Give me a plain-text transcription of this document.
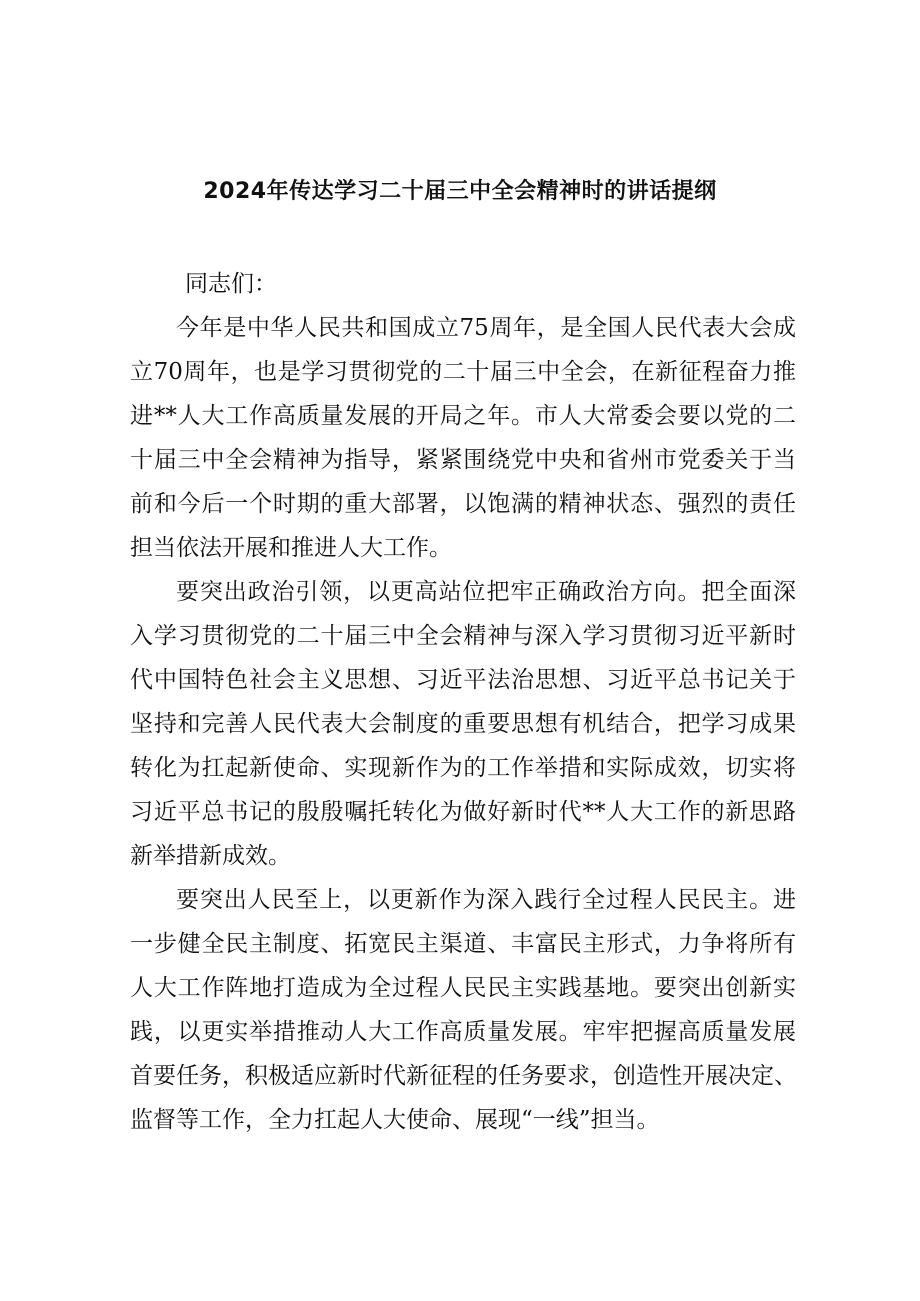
2024年传达学习二十届三中全会精神时的讲话提纲
同志们：
今年是中华人民共和国成立75周年，是全国人民代表大会成
立70周年，也是学习贯彻党的二十届三中全会，在新征程奋力推
进**人大工作高质量发展的开局之年。市人大常委会要以党的二
十届三中全会精神为指导，紧紧围绕党中央和省州市党委关于当
前和今后一个时期的重大部署，以饱满的精神状态、强烈的责任
担当依法开展和推进人大工作。
要突出政治引领，以更高站位把牢正确政治方向。把全面深
入学习贯彻党的二十届三中全会精神与深入学习贯彻习近平新时
代中国特色社会主义思想、习近平法治思想、习近平总书记关于
坚持和完善人民代表大会制度的重要思想有机结合，把学习成果
转化为扛起新使命、实现新作为的工作举措和实际成效，切实将
习近平总书记的殷殷嘱托转化为做好新时代**人大工作的新思路
新举措新成效。
要突出人民至上，以更新作为深入践行全过程人民民主。进
一步健全民主制度、拓宽民主渠道、丰富民主形式，力争将所有
人大工作阵地打造成为全过程人民民主实践基地。要突出创新实
践，以更实举措推动人大工作高质量发展。牢牢把握高质量发展
首要任务，积极适应新时代新征程的任务要求，创造性开展决定、
监督等工作，全力扛起人大使命、展现“一线”担当。
